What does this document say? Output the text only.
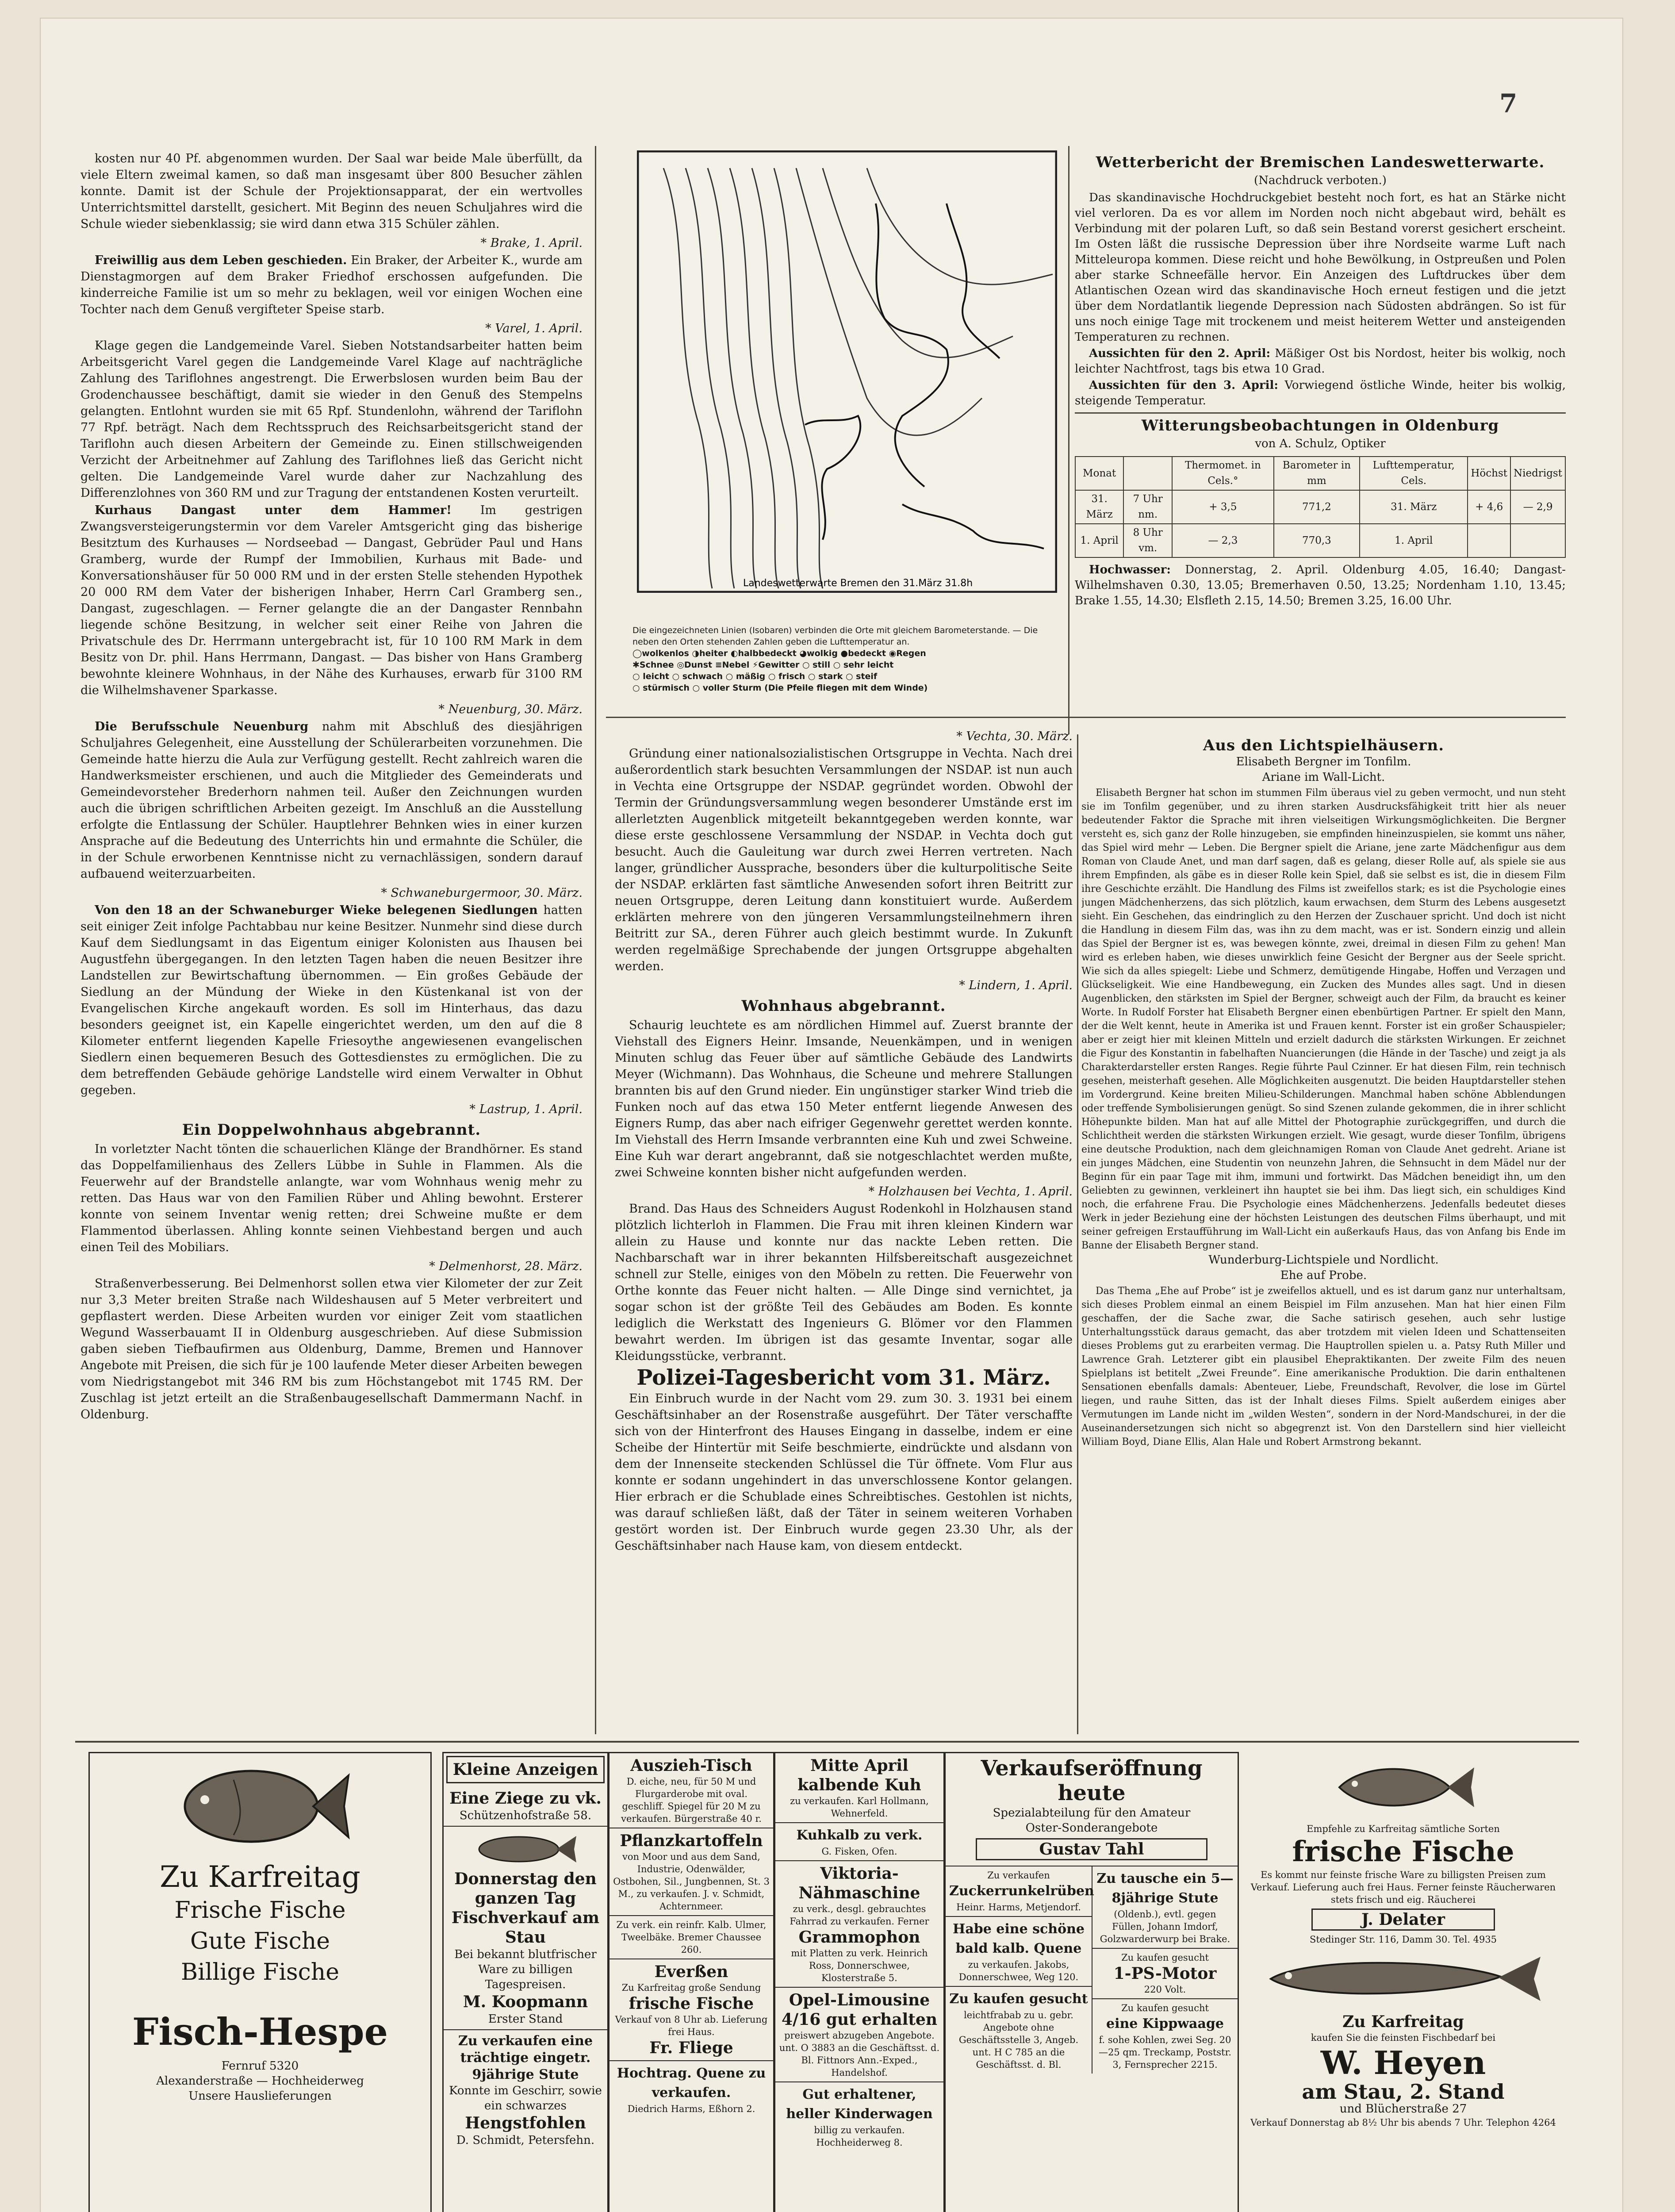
7

kosten nur 40 Pf. abgenommen wurden. Der Saal war beide Male überfüllt, da viele Eltern zweimal kamen, so daß man insgesamt über 800 Besucher zählen konnte. Damit ist der Schule der Projektionsapparat, der ein wertvolles Unterrichtsmittel darstellt, gesichert. Mit Beginn des neuen Schuljahres wird die Schule wieder siebenklassig; sie wird dann etwa 315 Schüler zählen.

* Brake, 1. April.

Freiwillig aus dem Leben geschieden. Ein Braker, der Arbeiter K., wurde am Dienstagmorgen auf dem Braker Friedhof erschossen aufgefunden. Die kinderreiche Familie ist um so mehr zu beklagen, weil vor einigen Wochen eine Tochter nach dem Genuß vergifteter Speise starb.

* Varel, 1. April.

Klage gegen die Landgemeinde Varel. Sieben Notstandsarbeiter hatten beim Arbeitsgericht Varel gegen die Landgemeinde Varel Klage auf nachträgliche Zahlung des Tariflohnes angestrengt. Die Erwerbslosen wurden beim Bau der Grodenchaussee beschäftigt, damit sie wieder in den Genuß des Stempelns gelangten. Entlohnt wurden sie mit 65 Rpf. Stundenlohn, während der Tariflohn 77 Rpf. beträgt. Nach dem Rechtsspruch des Reichsarbeitsgericht stand der Tariflohn auch diesen Arbeitern der Gemeinde zu. Einen stillschweigenden Verzicht der Arbeitnehmer auf Zahlung des Tariflohnes ließ das Gericht nicht gelten. Die Landgemeinde Varel wurde daher zur Nachzahlung des Differenzlohnes von 360 RM und zur Tragung der entstandenen Kosten verurteilt.

Kurhaus Dangast unter dem Hammer! Im gestrigen Zwangsversteigerungstermin vor dem Vareler Amtsgericht ging das bisherige Besitztum des Kurhauses — Nordseebad — Dangast, Gebrüder Paul und Hans Gramberg, wurde der Rumpf der Immobilien, Kurhaus mit Bade- und Konversationshäuser für 50 000 RM und in der ersten Stelle stehenden Hypothek 20 000 RM dem Vater der bisherigen Inhaber, Herrn Carl Gramberg sen., Dangast, zugeschlagen. — Ferner gelangte die an der Dangaster Rennbahn liegende schöne Besitzung, in welcher seit einer Reihe von Jahren die Privatschule des Dr. Herrmann untergebracht ist, für 10 100 RM Mark in dem Besitz von Dr. phil. Hans Herrmann, Dangast. — Das bisher von Hans Gramberg bewohnte kleinere Wohnhaus, in der Nähe des Kurhauses, erwarb für 3100 RM die Wilhelmshavener Sparkasse.

* Neuenburg, 30. März.

Die Berufsschule Neuenburg nahm mit Abschluß des diesjährigen Schuljahres Gelegenheit, eine Ausstellung der Schülerarbeiten vorzunehmen. Die Gemeinde hatte hierzu die Aula zur Verfügung gestellt. Recht zahlreich waren die Handwerksmeister erschienen, und auch die Mitglieder des Gemeinderats und Gemeindevorsteher Brederhorn nahmen teil. Außer den Zeichnungen wurden auch die übrigen schriftlichen Arbeiten gezeigt. Im Anschluß an die Ausstellung erfolgte die Entlassung der Schüler. Hauptlehrer Behnken wies in einer kurzen Ansprache auf die Bedeutung des Unterrichts hin und ermahnte die Schüler, die in der Schule erworbenen Kenntnisse nicht zu vernachlässigen, sondern darauf aufbauend weiterzuarbeiten.

* Schwaneburgermoor, 30. März.

Von den 18 an der Schwaneburger Wieke belegenen Siedlungen hatten seit einiger Zeit infolge Pachtabbau nur keine Besitzer. Nunmehr sind diese durch Kauf dem Siedlungsamt in das Eigentum einiger Kolonisten aus Ihausen bei Augustfehn übergegangen. In den letzten Tagen haben die neuen Besitzer ihre Landstellen zur Bewirtschaftung übernommen. — Ein großes Gebäude der Siedlung an der Mündung der Wieke in den Küstenkanal ist von der Evangelischen Kirche angekauft worden. Es soll im Hinterhaus, das dazu besonders geeignet ist, ein Kapelle eingerichtet werden, um den auf die 8 Kilometer entfernt liegenden Kapelle Friesoythe angewiesenen evangelischen Siedlern einen bequemeren Besuch des Gottesdienstes zu ermöglichen. Die zu dem betreffenden Gebäude gehörige Landstelle wird einem Verwalter in Obhut gegeben.

* Lastrup, 1. April.

Ein Doppelwohnhaus abgebrannt.

In vorletzter Nacht tönten die schauerlichen Klänge der Brandhörner. Es stand das Doppelfamilienhaus des Zellers Lübbe in Suhle in Flammen. Als die Feuerwehr auf der Brandstelle anlangte, war vom Wohnhaus wenig mehr zu retten. Das Haus war von den Familien Rüber und Ahling bewohnt. Ersterer konnte von seinem Inventar wenig retten; drei Schweine mußte er dem Flammentod überlassen. Ahling konnte seinen Viehbestand bergen und auch einen Teil des Mobiliars.

* Delmenhorst, 28. März.

Straßenverbesserung. Bei Delmenhorst sollen etwa vier Kilometer der zur Zeit nur 3,3 Meter breiten Straße nach Wildeshausen auf 5 Meter verbreitert und gepflastert werden. Diese Arbeiten wurden vor einiger Zeit vom staatlichen Wegund Wasserbauamt II in Oldenburg ausgeschrieben. Auf diese Submission gaben sieben Tiefbaufirmen aus Oldenburg, Damme, Bremen und Hannover Angebote mit Preisen, die sich für je 100 laufende Meter dieser Arbeiten bewegen vom Niedrigstangebot mit 346 RM bis zum Höchstangebot mit 1745 RM. Der Zuschlag ist jetzt erteilt an die Straßenbaugesellschaft Dammermann Nachf. in Oldenburg.

Landeswetterwarte Bremen den 31.März 31.8h
Die eingezeichneten Linien (Isobaren) verbinden die Orte mit gleichem Barometerstande. — Die neben den Orten stehenden Zahlen geben die Lufttemperatur an.
◯wolkenlos ◑heiter ◐halbbedeckt ◕wolkig ●bedeckt ◉Regen
✱Schnee ◎Dunst ≡Nebel ⚡Gewitter ○ still ○ sehr leicht
○ leicht ○ schwach ○ mäßig ○ frisch ○ stark ○ steif
○ stürmisch ○ voller Sturm (Die Pfeile fliegen mit dem Winde)
Wetterbericht der Bremischen Landeswetterwarte.
(Nachdruck verboten.)

Das skandinavische Hochdruckgebiet besteht noch fort, es hat an Stärke nicht viel verloren. Da es vor allem im Norden noch nicht abgebaut wird, behält es Verbindung mit der polaren Luft, so daß sein Bestand vorerst gesichert erscheint. Im Osten läßt die russische Depression über ihre Nordseite warme Luft nach Mitteleuropa kommen. Diese reicht und hohe Bewölkung, in Ostpreußen und Polen aber starke Schneefälle hervor. Ein Anzeigen des Luftdruckes über dem Atlantischen Ozean wird das skandinavische Hoch erneut festigen und die jetzt über dem Nordatlantik liegende Depression nach Südosten abdrängen. So ist für uns noch einige Tage mit trockenem und meist heiterem Wetter und ansteigenden Temperaturen zu rechnen.

Aussichten für den 2. April: Mäßiger Ost bis Nordost, heiter bis wolkig, noch leichter Nachtfrost, tags bis etwa 10 Grad.

Aussichten für den 3. April: Vorwiegend östliche Winde, heiter bis wolkig, steigende Temperatur.

Witterungsbeobachtungen in Oldenburg
von A. Schulz, Optiker
Monat		Thermomet. in Cels.°	Barometer in mm	Lufttemperatur, Cels.	Höchst	Niedrigst
31. März	7 Uhr nm.	+ 3,5	771,2	31. März	+ 4,6	— 2,9
1. April	8 Uhr vm.	— 2,3	770,3	1. April		

Hochwasser: Donnerstag, 2. April. Oldenburg 4.05, 16.40; Dangast-Wilhelmshaven 0.30, 13.05; Bremerhaven 0.50, 13.25; Nordenham 1.10, 13.45; Brake 1.55, 14.30; Elsfleth 2.15, 14.50; Bremen 3.25, 16.00 Uhr.

* Vechta, 30. März.

Gründung einer nationalsozialistischen Ortsgruppe in Vechta. Nach drei außerordentlich stark besuchten Versammlungen der NSDAP. ist nun auch in Vechta eine Ortsgruppe der NSDAP. gegründet worden. Obwohl der Termin der Gründungsversammlung wegen besonderer Umstände erst im allerletzten Augenblick mitgeteilt bekanntgegeben werden konnte, war diese erste geschlossene Versammlung der NSDAP. in Vechta doch gut besucht. Auch die Gauleitung war durch zwei Herren vertreten. Nach langer, gründlicher Aussprache, besonders über die kulturpolitische Seite der NSDAP. erklärten fast sämtliche Anwesenden sofort ihren Beitritt zur neuen Ortsgruppe, deren Leitung dann konstituiert wurde. Außerdem erklärten mehrere von den jüngeren Versammlungsteilnehmern ihren Beitritt zur SA., deren Führer auch gleich bestimmt wurde. In Zukunft werden regelmäßige Sprechabende der jungen Ortsgruppe abgehalten werden.

* Lindern, 1. April.

Wohnhaus abgebrannt.

Schaurig leuchtete es am nördlichen Himmel auf. Zuerst brannte der Viehstall des Eigners Heinr. Imsande, Neuenkämpen, und in wenigen Minuten schlug das Feuer über auf sämtliche Gebäude des Landwirts Meyer (Wichmann). Das Wohnhaus, die Scheune und mehrere Stallungen brannten bis auf den Grund nieder. Ein ungünstiger starker Wind trieb die Funken noch auf das etwa 150 Meter entfernt liegende Anwesen des Eigners Rump, das aber nach eifriger Gegenwehr gerettet werden konnte. Im Viehstall des Herrn Imsande verbrannten eine Kuh und zwei Schweine. Eine Kuh war derart angebrannt, daß sie notgeschlachtet werden mußte, zwei Schweine konnten bisher nicht aufgefunden werden.

* Holzhausen bei Vechta, 1. April.

Brand. Das Haus des Schneiders August Rodenkohl in Holzhausen stand plötzlich lichterloh in Flammen. Die Frau mit ihren kleinen Kindern war allein zu Hause und konnte nur das nackte Leben retten. Die Nachbarschaft war in ihrer bekannten Hilfsbereitschaft ausgezeichnet schnell zur Stelle, einiges von den Möbeln zu retten. Die Feuerwehr von Orthe konnte das Feuer nicht halten. — Alle Dinge sind vernichtet, ja sogar schon ist der größte Teil des Gebäudes am Boden. Es konnte lediglich die Werkstatt des Ingenieurs G. Blömer vor den Flammen bewahrt werden. Im übrigen ist das gesamte Inventar, sogar alle Kleidungsstücke, verbrannt.

Polizei-Tagesbericht vom 31. März.

Ein Einbruch wurde in der Nacht vom 29. zum 30. 3. 1931 bei einem Geschäftsinhaber an der Rosenstraße ausgeführt. Der Täter verschaffte sich von der Hinterfront des Hauses Eingang in dasselbe, indem er eine Scheibe der Hintertür mit Seife beschmierte, eindrückte und alsdann von dem der Innenseite steckenden Schlüssel die Tür öffnete. Vom Flur aus konnte er sodann ungehindert in das unverschlossene Kontor gelangen. Hier erbrach er die Schublade eines Schreibtisches. Gestohlen ist nichts, was darauf schließen läßt, daß der Täter in seinem weiteren Vorhaben gestört worden ist. Der Einbruch wurde gegen 23.30 Uhr, als der Geschäftsinhaber nach Hause kam, von diesem entdeckt.

Aus den Lichtspielhäusern.
Elisabeth Bergner im Tonfilm.
Ariane im Wall-Licht.

Elisabeth Bergner hat schon im stummen Film überaus viel zu geben vermocht, und nun steht sie im Tonfilm gegenüber, und zu ihren starken Ausdrucksfähigkeit tritt hier als neuer bedeutender Faktor die Sprache mit ihren vielseitigen Wirkungsmöglichkeiten. Die Bergner versteht es, sich ganz der Rolle hinzugeben, sie empfinden hineinzuspielen, sie kommt uns näher, das Spiel wird mehr — Leben. Die Bergner spielt die Ariane, jene zarte Mädchenfigur aus dem Roman von Claude Anet, und man darf sagen, daß es gelang, dieser Rolle auf, als spiele sie aus ihrem Empfinden, als gäbe es in dieser Rolle kein Spiel, daß sie selbst es ist, die in diesem Film ihre Geschichte erzählt. Die Handlung des Films ist zweifellos stark; es ist die Psychologie eines jungen Mädchenherzens, das sich plötzlich, kaum erwachsen, dem Sturm des Lebens ausgesetzt sieht. Ein Geschehen, das eindringlich zu den Herzen der Zuschauer spricht. Und doch ist nicht die Handlung in diesem Film das, was ihn zu dem macht, was er ist. Sondern einzig und allein das Spiel der Bergner ist es, was bewegen könnte, zwei, dreimal in diesen Film zu gehen! Man wird es erleben haben, wie dieses unwirklich feine Gesicht der Bergner aus der Seele spricht. Wie sich da alles spiegelt: Liebe und Schmerz, demütigende Hingabe, Hoffen und Verzagen und Glückseligkeit. Wie eine Handbewegung, ein Zucken des Mundes alles sagt. Und in diesen Augenblicken, den stärksten im Spiel der Bergner, schweigt auch der Film, da braucht es keiner Worte. In Rudolf Forster hat Elisabeth Bergner einen ebenbürtigen Partner. Er spielt den Mann, der die Welt kennt, heute in Amerika ist und Frauen kennt. Forster ist ein großer Schauspieler; aber er zeigt hier mit kleinen Mitteln und erzielt dadurch die stärksten Wirkungen. Er zeichnet die Figur des Konstantin in fabelhaften Nuancierungen (die Hände in der Tasche) und zeigt ja als Charakterdarsteller ersten Ranges. Regie führte Paul Czinner. Er hat diesen Film, rein technisch gesehen, meisterhaft gesehen. Alle Möglichkeiten ausgenutzt. Die beiden Hauptdarsteller stehen im Vordergrund. Keine breiten Milieu-Schilderungen. Manchmal haben schöne Abblendungen oder treffende Symbolisierungen genügt. So sind Szenen zulande gekommen, die in ihrer schlicht Höhepunkte bilden. Man hat auf alle Mittel der Photographie zurückgegriffen, und durch die Schlichtheit werden die stärksten Wirkungen erzielt. Wie gesagt, wurde dieser Tonfilm, übrigens eine deutsche Produktion, nach dem gleichnamigen Roman von Claude Anet gedreht. Ariane ist ein junges Mädchen, eine Studentin von neunzehn Jahren, die Sehnsucht in dem Mädel nur der Beginn für ein paar Tage mit ihm, immuni und fortwirkt. Das Mädchen beneidigt ihn, um den Geliebten zu gewinnen, verkleinert ihn hauptet sie bei ihm. Das liegt sich, ein schuldiges Kind noch, die erfahrene Frau. Die Psychologie eines Mädchenherzens. Jedenfalls bedeutet dieses Werk in jeder Beziehung eine der höchsten Leistungen des deutschen Films überhaupt, und mit seiner gefreigen Erstaufführung im Wall-Licht ein außerkaufs Haus, das von Anfang bis Ende im Banne der Elisabeth Bergner stand.

Wunderburg-Lichtspiele und Nordlicht.
Ehe auf Probe.

Das Thema „Ehe auf Probe“ ist je zweifellos aktuell, und es ist darum ganz nur unterhaltsam, sich dieses Problem einmal an einem Beispiel im Film anzusehen. Man hat hier einen Film geschaffen, der die Sache zwar, die Sache satirisch gesehen, auch sehr lustige Unterhaltungsstück daraus gemacht, das aber trotzdem mit vielen Ideen und Schattenseiten dieses Problems gut zu erarbeiten vermag. Die Hauptrollen spielen u. a. Patsy Ruth Miller und Lawrence Grah. Letzterer gibt ein plausibel Ehepraktikanten. Der zweite Film des neuen Spielplans ist betitelt „Zwei Freunde“. Eine amerikanische Produktion. Die darin enthaltenen Sensationen ebenfalls damals: Abenteuer, Liebe, Freundschaft, Revolver, die lose im Gürtel liegen, und rauhe Sitten, das ist der Inhalt dieses Films. Spielt außerdem einiges aber Vermutungen im Lande nicht im „wilden Westen“, sondern in der Nord-Mandschurei, in der die Auseinandersetzungen sich nicht so abgegrenzt ist. Von den Darstellern sind hier vielleicht William Boyd, Diane Ellis, Alan Hale und Robert Armstrong bekannt.

Zu Karfreitag
Frische Fische
Gute Fische
Billige Fische
Fisch-Hespe
Fernruf 5320
Alexanderstraße — Hochheiderweg
Unsere Hauslieferungen
Kleine Anzeigen
Eine Ziege zu vk.
Schützenhofstraße 58.
Donnerstag den ganzen Tag Fischverkauf am Stau
Bei bekannt blutfrischer Ware zu billigen Tagespreisen.
M. Koopmann
Erster Stand
Zu verkaufen eine trächtige eingetr. 9jährige Stute
Konnte im Geschirr, sowie ein schwarzes
Hengstfohlen
D. Schmidt, Petersfehn.
Auszieh-Tisch
D. eiche, neu, für 50 M und Flurgarderobe mit oval. geschliff. Spiegel für 20 M zu verkaufen. Bürgerstraße 40 r.
Pflanzkartoffeln
von Moor und aus dem Sand, Industrie, Odenwälder, Ostbohen, Sil., Jungbennen, St. 3 M., zu verkaufen. J. v. Schmidt, Achternmeer.
Zu verk. ein reinfr. Kalb. Ulmer, Tweelbäke. Bremer Chaussee 260.
Everßen
Zu Karfreitag große Sendung
frische Fische
Verkauf von 8 Uhr ab. Lieferung frei Haus.
Fr. Fliege
Hochtrag. Quene zu verkaufen.
Diedrich Harms, Eßhorn 2.
Mitte April kalbende Kuh
zu verkaufen. Karl Hollmann, Wehnerfeld.
Kuhkalb zu verk.
G. Fisken, Ofen.
Viktoria- Nähmaschine
zu verk., desgl. gebrauchtes Fahrrad zu verkaufen. Ferner
Grammophon
mit Platten zu verk. Heinrich Ross, Donnerschwee, Klosterstraße 5.
Opel-Limousine 4/16 gut erhalten
preiswert abzugeben Angebote. unt. O 3883 an die Geschäftsst. d. Bl. Fittnors Ann.-Exped., Handelshof.
Gut erhaltener, heller Kinderwagen
billig zu verkaufen. Hochheiderweg 8.
Verkaufseröffnung heute
Spezialabteilung für den Amateur
Oster-Sonderangebote
Gustav Tahl
Zu verkaufen
Zuckerrunkelrüben
Heinr. Harms, Metjendorf.
Habe eine schöne bald kalb. Quene
zu verkaufen. Jakobs, Donnerschwee, Weg 120.
Zu kaufen gesucht
leichtfrabab zu u. gebr. Angebote ohne Geschäftsstelle 3, Angeb. unt. H C 785 an die Geschäftsst. d. Bl.
Zu tausche ein 5—8jährige Stute
(Oldenb.), evtl. gegen Füllen, Johann Imdorf, Golzwarderwurp bei Brake.
Zu kaufen gesucht
1-PS-Motor
220 Volt.
Zu kaufen gesucht
eine Kippwaage
f. sohe Kohlen, zwei Seg. 20—25 qm. Treckamp, Poststr. 3, Fernsprecher 2215.
Empfehle zu Karfreitag sämtliche Sorten
frische Fische
Es kommt nur feinste frische Ware zu billigsten Preisen zum Verkauf. Lieferung auch frei Haus. Ferner feinste Räucherwaren stets frisch und eig. Räucherei
J. Delater
Stedinger Str. 116, Damm 30. Tel. 4935
Zu Karfreitag
kaufen Sie die feinsten Fischbedarf bei
W. Heyen
am Stau, 2. Stand
und Blücherstraße 27
Verkauf Donnerstag ab 8½ Uhr bis abends 7 Uhr. Telephon 4264
